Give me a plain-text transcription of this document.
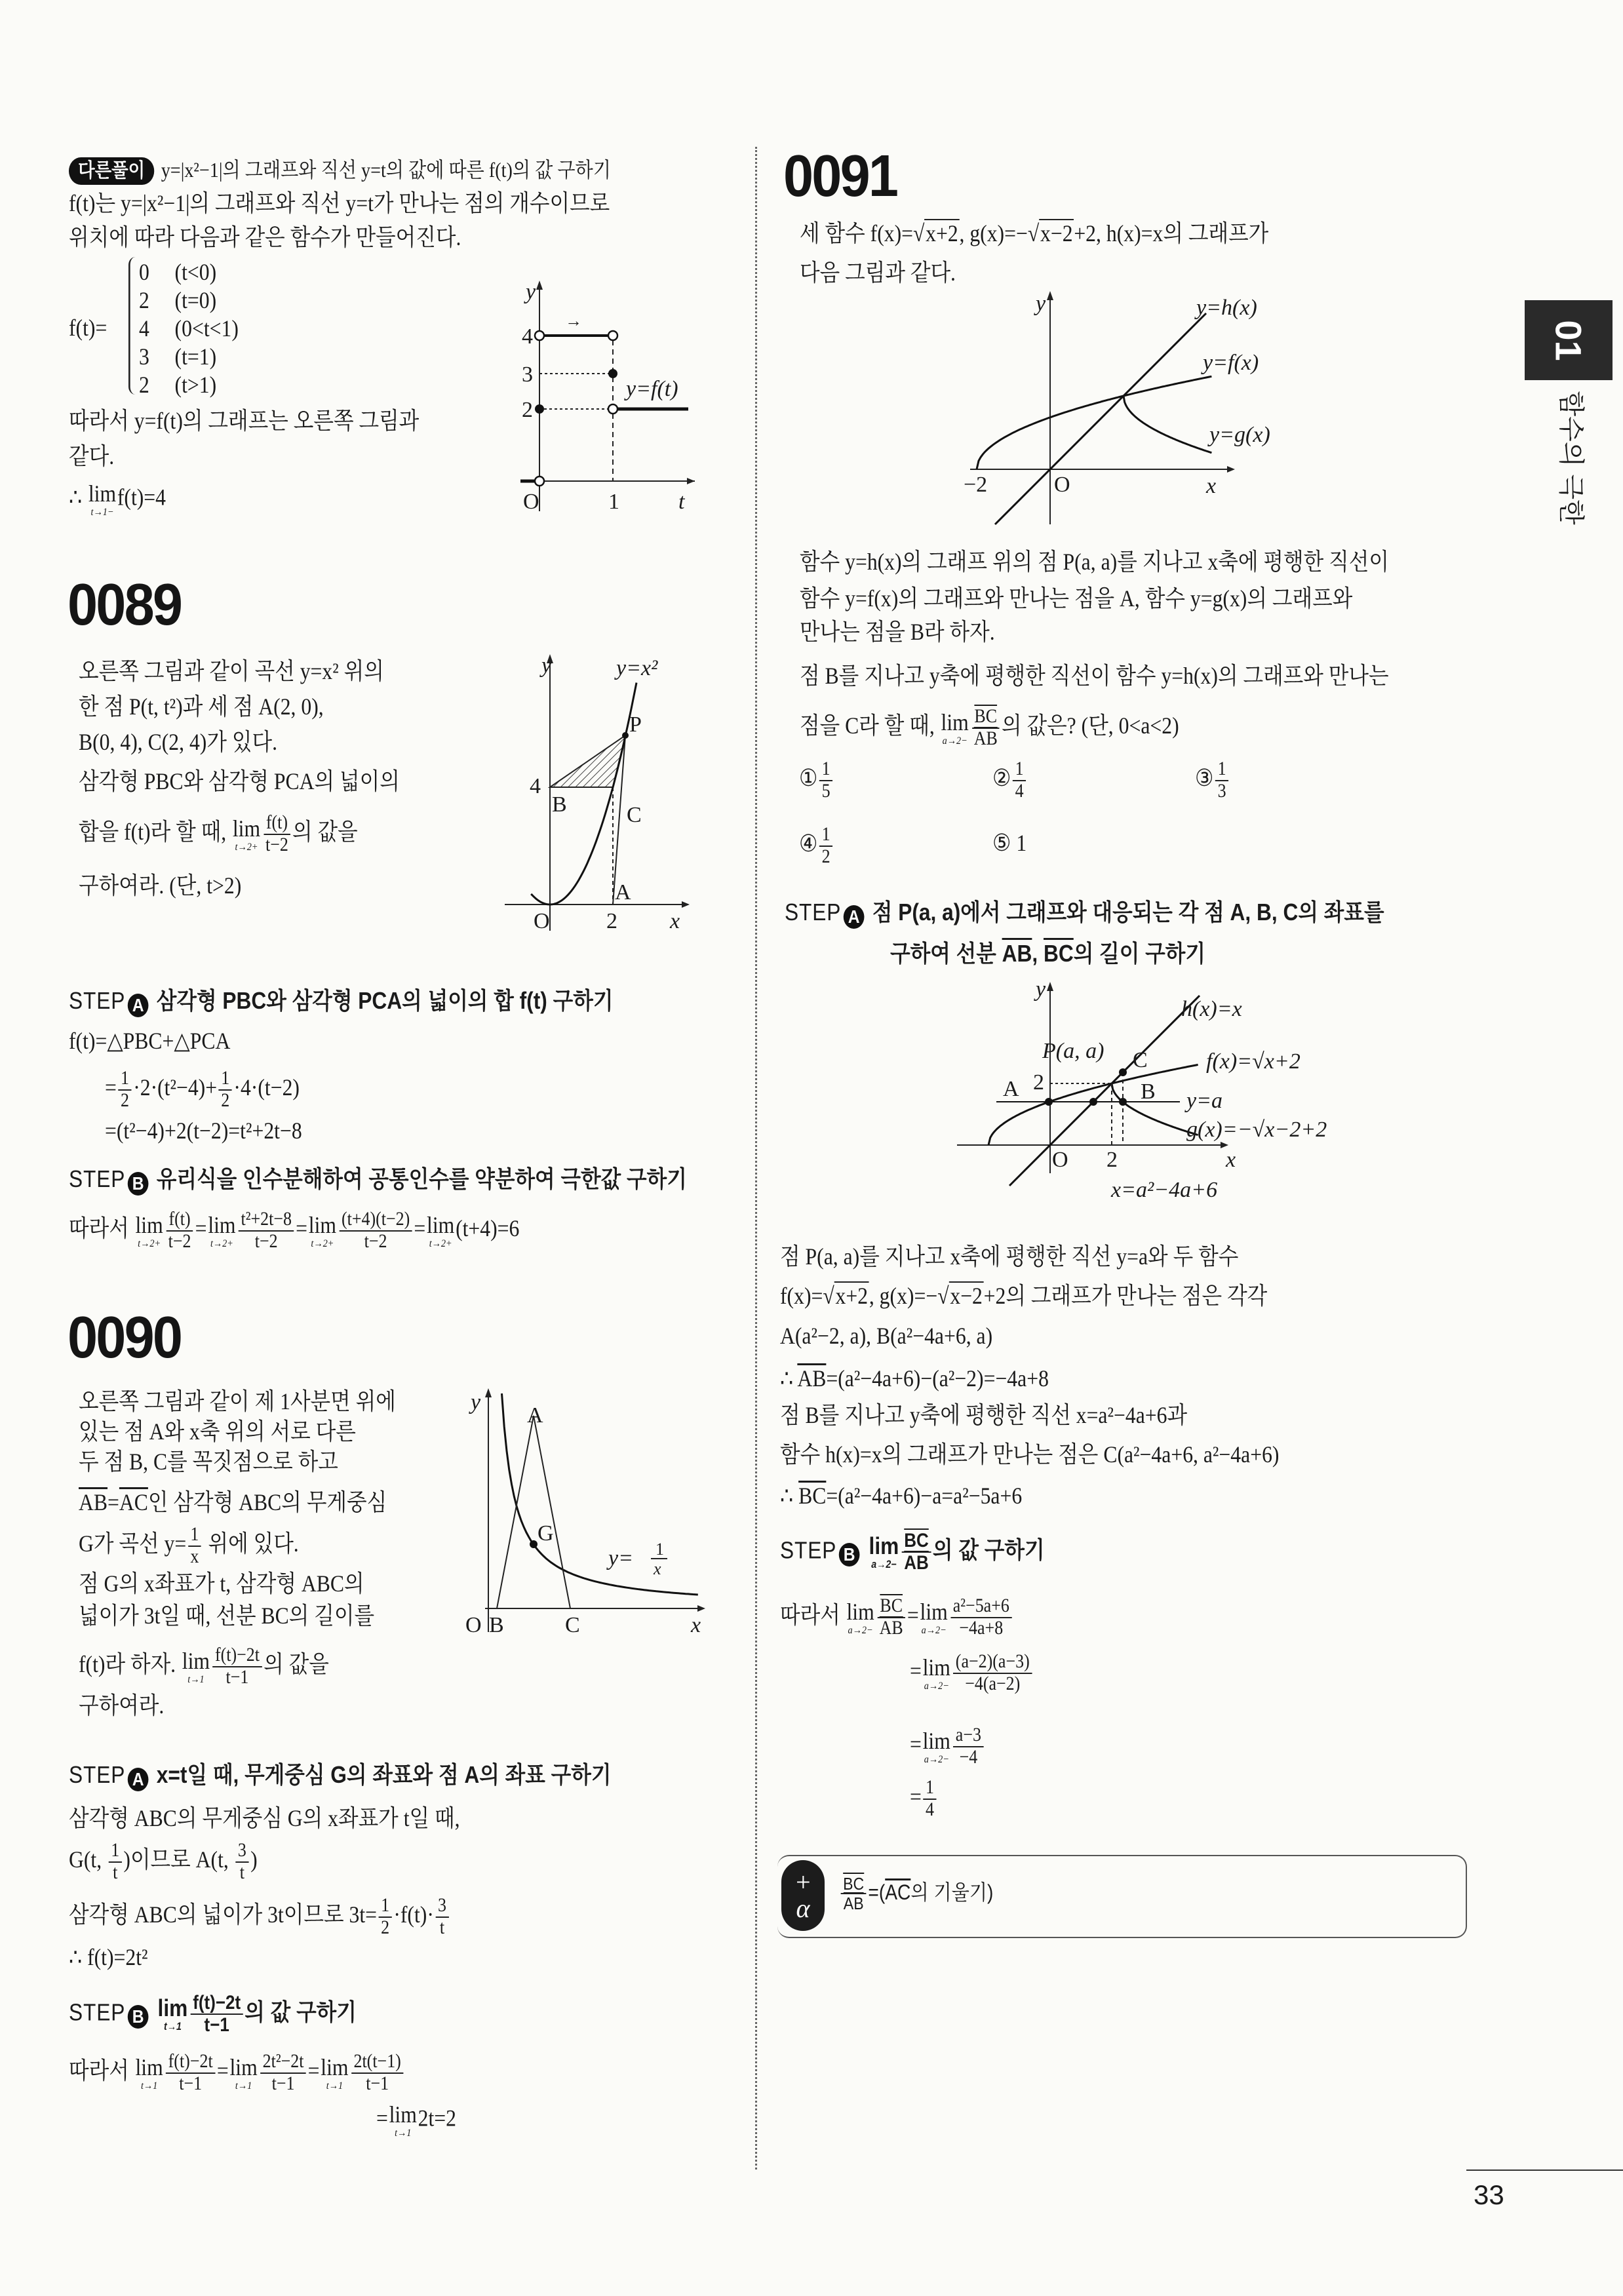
01
함수의 극한
33
다른풀이 y=|x²−1|의 그래프와 직선 y=t의 값에 따른 f(t)의 값 구하기
f(t)는 y=|x²−1|의 그래프와 직선 y=t가 만나는 점의 개수이므로
위치에 따라 다음과 같은 함수가 만들어진다.
f(t)=
0 (t<0)
2 (t=0)
4 (0<t<1)
3 (t=1)
2 (t>1)
따라서 y=f(t)의 그래프는 오른쪽 그림과
같다.
∴ lim
t→1−
f(t)=4
y
4
3
2
→
y=f(t)
O	1	t
0089
오른쪽 그림과 같이 곡선 y=x² 위의
한 점 P(t, t²)과 세 점 A(2, 0),
B(0, 4), C(2, 4)가 있다.
삼각형 PBC와 삼각형 PCA의 넓이의
합을 f(t)라 할 때, lim
$t\to 2+ \frac{f(t)}{t-2}$ 의 값을
구하여라. (단, t>2)
y	y=x²
P
4
B	C
A
O	2 x
STEP A 삼각형 PBC와 삼각형 PCA의 넓이의 합 f(t) 구하기
f(t)=△PBC+△PCA
= $\frac{1}{2} \cdot 2\cdot(t^2-4)+ \frac{1}{2} \cdot 4\cdot(t-2)$
=(t²−4)+2(t−2)=t²+2t−8
STEP B 유리식을 인수분해하여 공통인수를 약분하여 극한값 구하기
따라서 lim
$t\to 2+ \frac{f(t)}{t-2} = \lim$
$t\to 2+ \frac{\text{t²+2t−8}}{t-2} = \lim$
$t\to 2+ \frac{(t+4)(t-2)}{t-2} = \lim$
t→2+
(t+4)=6
0090
오른쪽 그림과 같이 제 1사분면 위에
있는 점 A와 x축 위의 서로 다른
두 점 B, C를 꼭짓점으로 하고
$\overline{AB}=\overline{AC}$인 삼각형 ABC의 무게중심
G가 곡선 $y= \frac{1}{x}$ 위에 있다.
점 G의 x좌표가 t, 삼각형 ABC의
넓이가 3t일 때, 선분 BC의 길이를
f(t)라 하자. lim
$t\to 1 \frac{f(t)-2t}{t-1}$ 의 값을
구하여라.
y
A
G
y= 1
x
O B	C	x
STEP A x=t일 때, 무게중심 G의 좌표와 점 A의 좌표 구하기
삼각형 ABC의 무게중심 G의 x좌표가 t일 때,
G(t, $\frac{1}{t}$ )이므로 A(t, $\frac{3}{t}$ )
삼각형 ABC의 넓이가 3t이므로 $3t= \frac{1}{2} \cdot f(t)\cdot \frac{3}{t}$
∴ f(t)=2t²
STEP B lim
$t\to 1 \frac{f(t)-2t}{t-1}$ 의 값 구하기
따라서 lim
$t\to 1 \frac{f(t)-2t}{t-1} = \lim$
$t\to 1 \frac{\text{2t²−2t}}{t-1} = \lim$
$t\to 1 \frac{2t(t-1)}{t-1}$
= lim
t→1
2t=2
0091
세 함수 f(x)=√x+2, g(x)=−√x−2+2, h(x)=x의 그래프가
다음 그림과 같다.
y	y=h(x)
y=f(x)
y=g(x)
−2	O	x
함수 y=h(x)의 그래프 위의 점 P(a, a)를 지나고 x축에 평행한 직선이
함수 y=f(x)의 그래프와 만나는 점을 A, 함수 y=g(x)의 그래프와
만나는 점을 B라 하자.
점 B를 지나고 y축에 평행한 직선이 함수 y=h(x)의 그래프와 만나는
점을 C라 할 때, lim
$a\to 2- \frac{\overline{BC}}{AB}$ 의 값은? (단, 0<a<2)
① $\frac{1}{5}$	② $\frac{1}{4}$	③ $\frac{1}{3}$
④ $\frac{1}{2}$	⑤ 1
STEP A 점 P(a, a)에서 그래프와 대응되는 각 점 A, B, C의 좌표를
구하여 선분 $\overline{AB}$, $\overline{BC}$의 길이 구하기
y
h(x)=x
P(a, a) C	f(x)=√x+2
2
A	B y=a
g(x)=−√x−2+2
O 2	x
x=a²−4a+6
점 P(a, a)를 지나고 x축에 평행한 직선 y=a와 두 함수
f(x)=√x+2, g(x)=−√x−2+2의 그래프가 만나는 점은 각각
A(a²−2, a), B(a²−4a+6, a)
∴ $\overline{AB}=(a^2-4a+6)-(a^2-2)=-4a+8$
점 B를 지나고 y축에 평행한 직선 x=a²−4a+6과
함수 h(x)=x의 그래프가 만나는 점은 C(a²−4a+6, a²−4a+6)
∴ $\overline{BC}=(a^2-4a+6)-a=a^2-5a+6$
STEP B lim
$a\to 2- \frac{\overline{BC}}{AB}$ 의 값 구하기
따라서 lim
$a\to 2- \frac{\overline{BC}}{AB} = \lim$
$a\to 2- \frac{\text{a²−5a+6}}{-4a+8}$
= lim
$a\to 2- \frac{(a-2)(a-3)}{-4(a-2)}$
= lim
$a\to 2- \frac{a-3}{-4}$
= $\frac{1}{4}$
+
α $\frac{\overline{BC}}{AB} =(\overline{AC}$의 기울기)
